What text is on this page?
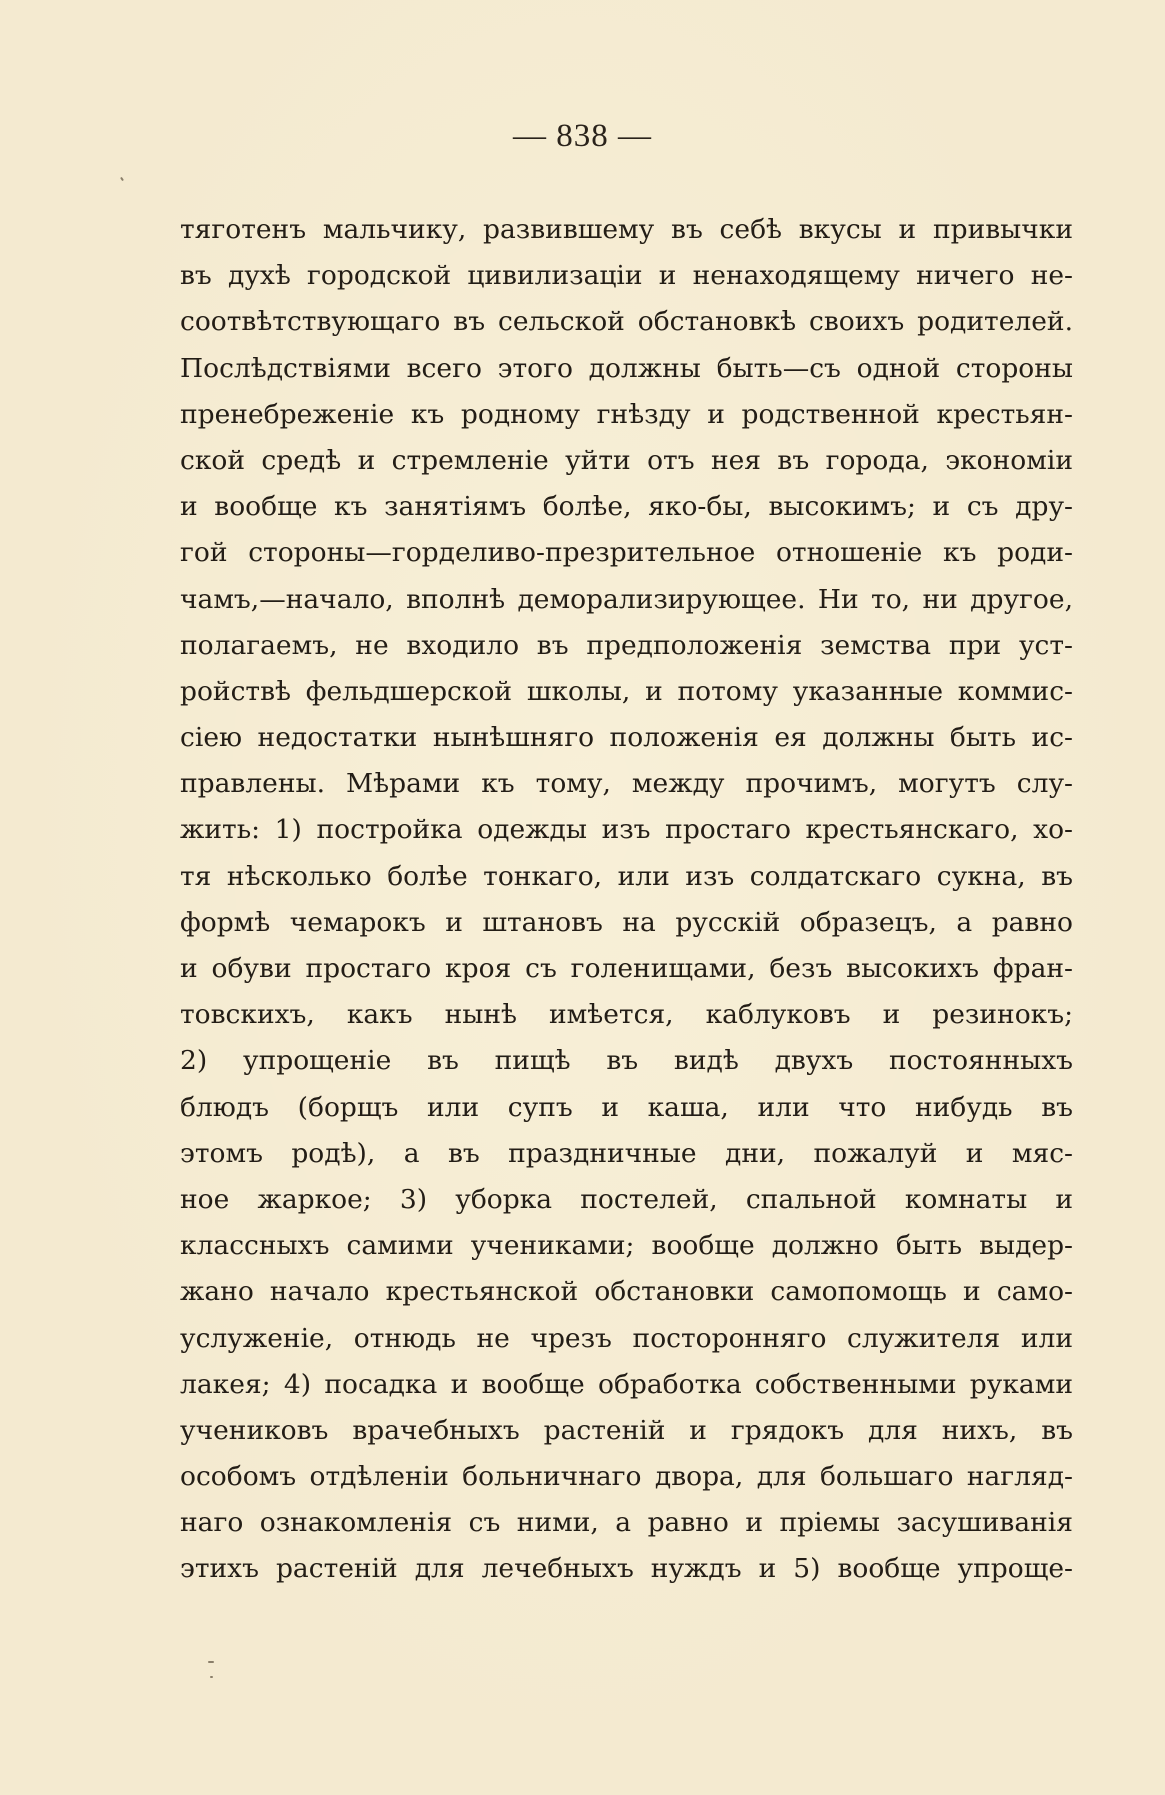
— 838 —
тяготенъ мальчику, развившему въ себѣ вкусы и привычки
въ духѣ городской цивилизаціи и ненаходящему ничего не-
соотвѣтствующаго въ сельской обстановкѣ своихъ родителей.
Послѣдствіями всего этого должны быть—съ одной стороны
пренебреженіе къ родному гнѣзду и родственной крестьян-
ской средѣ и стремленіе уйти отъ нея въ города, экономіи
и вообще къ занятіямъ болѣе, яко-бы, высокимъ; и съ дру-
гой стороны—горделиво-презрительное отношеніе къ роди-
чамъ,—начало, вполнѣ деморализирующее. Ни то, ни другое,
полагаемъ, не входило въ предположенія земства при уст-
ройствѣ фельдшерской школы, и потому указанные коммис-
сіею недостатки нынѣшняго положенія ея должны быть ис-
правлены. Мѣрами къ тому, между прочимъ, могутъ слу-
жить: 1) постройка одежды изъ простаго крестьянскаго, хо-
тя нѣсколько болѣе тонкаго, или изъ солдатскаго сукна, въ
формѣ чемарокъ и штановъ на русскій образецъ, а равно
и обуви простаго кроя съ голенищами, безъ высокихъ фран-
товскихъ, какъ нынѣ имѣется, каблуковъ и резинокъ;
2) упрощеніе въ пищѣ въ видѣ двухъ постоянныхъ
блюдъ (борщъ или супъ и каша, или что нибудь въ
этомъ родѣ), а въ праздничные дни, пожалуй и мяс-
ное жаркое; 3) уборка постелей, спальной комнаты и
классныхъ самими учениками; вообще должно быть выдер-
жано начало крестьянской обстановки самопомощь и само-
услуженіе, отнюдь не чрезъ посторонняго служителя или
лакея; 4) посадка и вообще обработка собственными руками
учениковъ врачебныхъ растеній и грядокъ для нихъ, въ
особомъ отдѣленіи больничнаго двора, для большаго нагляд-
наго ознакомленія съ ними, а равно и пріемы засушиванія
этихъ растеній для лечебныхъ нуждъ и 5) вообще упроще-
